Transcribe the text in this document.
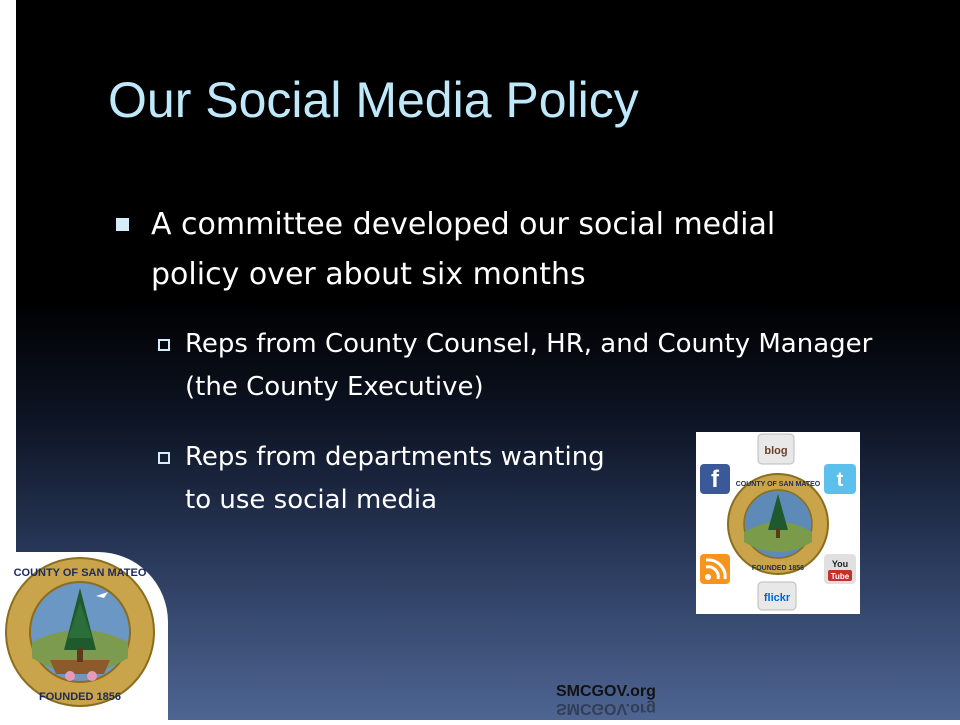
Our Social Media Policy
A committee developed our social medial policy over about six months
Reps from County Counsel, HR, and County Manager (the County Executive)
Reps from departments wanting to use social media
COUNTY OF SAN MATEO
FOUNDED 1856
blog
f	t
You
Tube
flickr
COUNTY OF SAN MATEO
FOUNDED 1856	SMCGOV.org
SMCGOV.org
